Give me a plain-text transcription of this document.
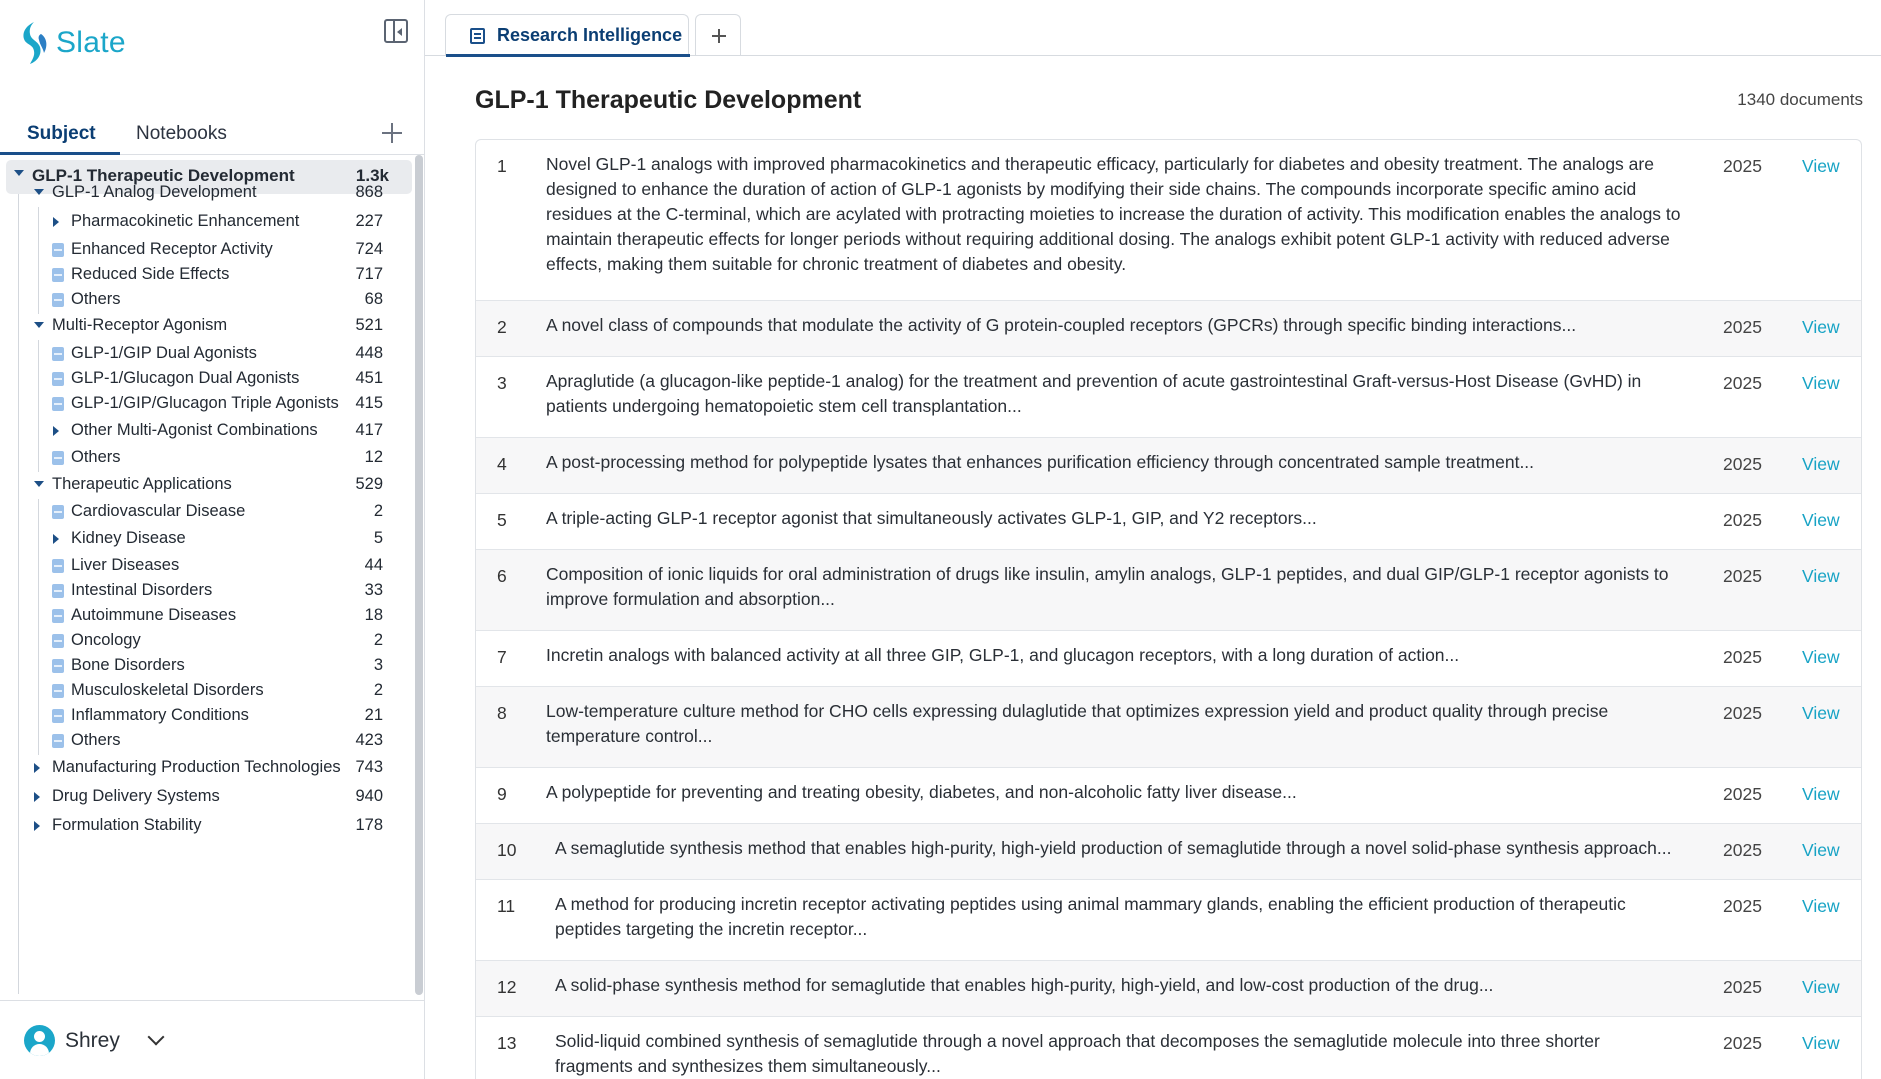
Slate
Subject Notebooks
GLP-1 Therapeutic Development	1.3k
GLP-1 Analog Development	868
Pharmacokinetic Enhancement	227
Enhanced Receptor Activity	724
Reduced Side Effects	717
Others	68
Multi-Receptor Agonism	521
GLP-1/GIP Dual Agonists	448
GLP-1/Glucagon Dual Agonists	451
GLP-1/GIP/Glucagon Triple Agonists 415
Other Multi-Agonist Combinations 417
Others	12
Therapeutic Applications	529
Cardiovascular Disease	2
Kidney Disease	5
Liver Diseases	44
Intestinal Disorders	33
Autoimmune Diseases	18
Oncology	2
Bone Disorders	3
Musculoskeletal Disorders	2
Inflammatory Conditions	21
Others	423
Manufacturing Production Technologies 743
Drug Delivery Systems	940
Formulation Stability	178
Shrey
Research Intelligence
GLP-1 Therapeutic Development	1340 documents
1 Novel GLP-1 analogs with improved pharmacokinetics and therapeutic efficacy, particularly for diabetes and obesity treatment. The analogs are
designed to enhance the duration of action of GLP-1 agonists by modifying their side chains. The compounds incorporate specific amino acid
residues at the C-terminal, which are acylated with protracting moieties to increase the duration of activity. This modification enables the analogs to
maintain therapeutic effects for longer periods without requiring additional dosing. The analogs exhibit potent GLP-1 activity with reduced adverse
effects, making them suitable for chronic treatment of diabetes and obesity.
2025 View
2 A novel class of compounds that modulate the activity of G protein-coupled receptors (GPCRs) through specific binding interactions...	2025 View
3 Apraglutide (a glucagon-like peptide-1 analog) for the treatment and prevention of acute gastrointestinal Graft-versus-Host Disease (GvHD) in
patients undergoing hematopoietic stem cell transplantation...
2025 View
4 A post-processing method for polypeptide lysates that enhances purification efficiency through concentrated sample treatment...	2025 View
5 A triple-acting GLP-1 receptor agonist that simultaneously activates GLP-1, GIP, and Y2 receptors...	2025 View
6 Composition of ionic liquids for oral administration of drugs like insulin, amylin analogs, GLP-1 peptides, and dual GIP/GLP-1 receptor agonists to
improve formulation and absorption...
2025 View
7 Incretin analogs with balanced activity at all three GIP, GLP-1, and glucagon receptors, with a long duration of action...	2025 View
8 Low-temperature culture method for CHO cells expressing dulaglutide that optimizes expression yield and product quality through precise
temperature control...
2025 View
9 A polypeptide for preventing and treating obesity, diabetes, and non-alcoholic fatty liver disease...	2025 View
10 A semaglutide synthesis method that enables high-purity, high-yield production of semaglutide through a novel solid-phase synthesis approach...	2025 View
11 A method for producing incretin receptor activating peptides using animal mammary glands, enabling the efficient production of therapeutic
peptides targeting the incretin receptor...
2025 View
12 A solid-phase synthesis method for semaglutide that enables high-purity, high-yield, and low-cost production of the drug...	2025 View
13 Solid-liquid combined synthesis of semaglutide through a novel approach that decomposes the semaglutide molecule into three shorter
fragments and synthesizes them simultaneously...
2025 View
